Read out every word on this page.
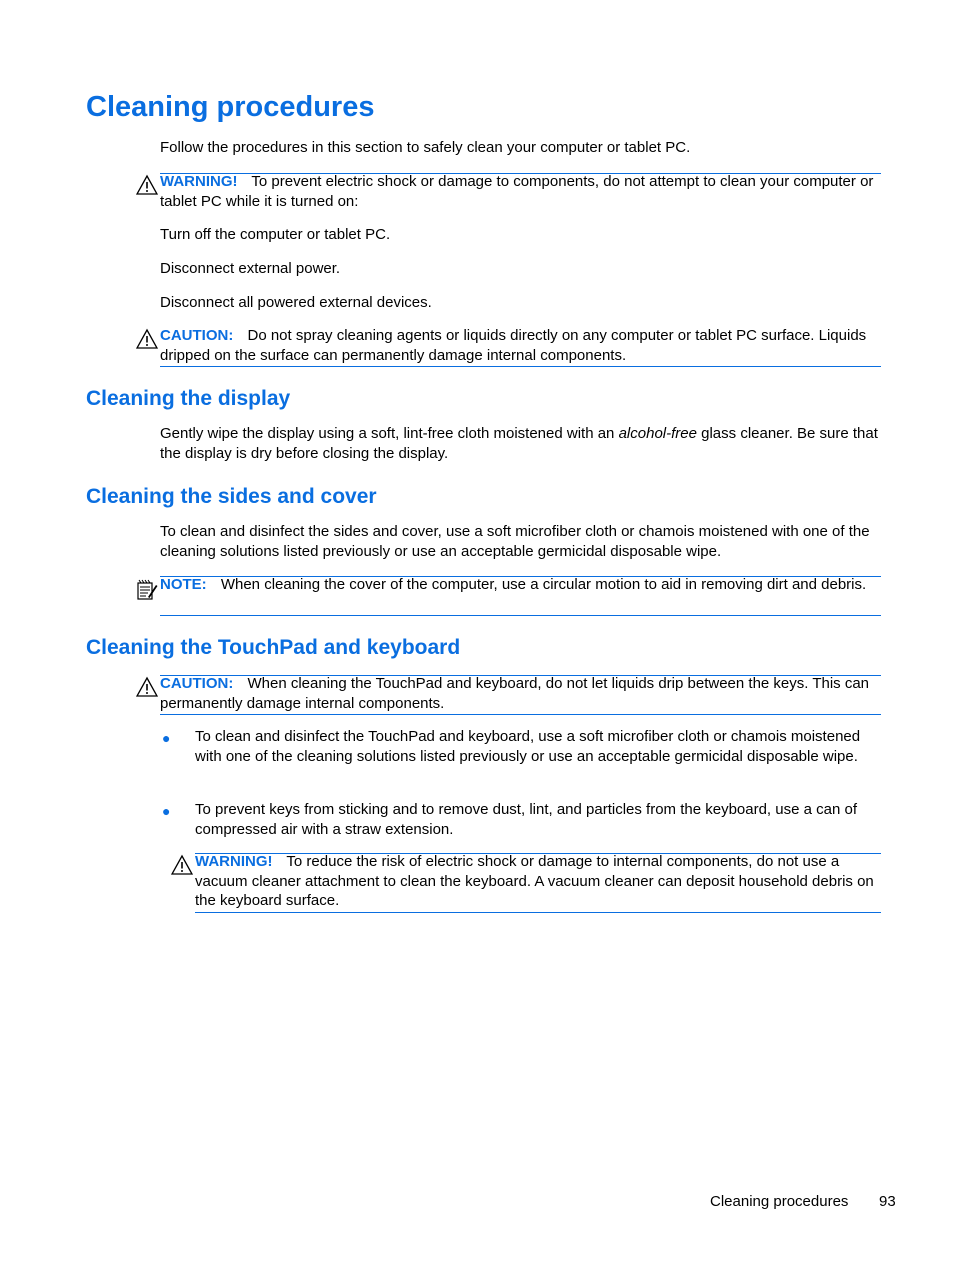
Cleaning procedures

Follow the procedures in this section to safely clean your computer or tablet PC.

WARNING! To prevent electric shock or damage to components, do not attempt to clean your computer or tablet PC while it is turned on:

Turn off the computer or tablet PC.

Disconnect external power.

Disconnect all powered external devices.

CAUTION: Do not spray cleaning agents or liquids directly on any computer or tablet PC surface. Liquids dripped on the surface can permanently damage internal components.

Cleaning the display

Gently wipe the display using a soft, lint-free cloth moistened with an alcohol-free glass cleaner. Be sure that the display is dry before closing the display.

Cleaning the sides and cover

To clean and disinfect the sides and cover, use a soft microfiber cloth or chamois moistened with one of the cleaning solutions listed previously or use an acceptable germicidal disposable wipe.

NOTE: When cleaning the cover of the computer, use a circular motion to aid in removing dirt and debris.

Cleaning the TouchPad and keyboard

CAUTION: When cleaning the TouchPad and keyboard, do not let liquids drip between the keys. This can permanently damage internal components.

● To clean and disinfect the TouchPad and keyboard, use a soft microfiber cloth or chamois moistened with one of the cleaning solutions listed previously or use an acceptable germicidal disposable wipe.

● To prevent keys from sticking and to remove dust, lint, and particles from the keyboard, use a can of compressed air with a straw extension.

WARNING! To reduce the risk of electric shock or damage to internal components, do not use a vacuum cleaner attachment to clean the keyboard. A vacuum cleaner can deposit household debris on the keyboard surface.

Cleaning procedures 93
